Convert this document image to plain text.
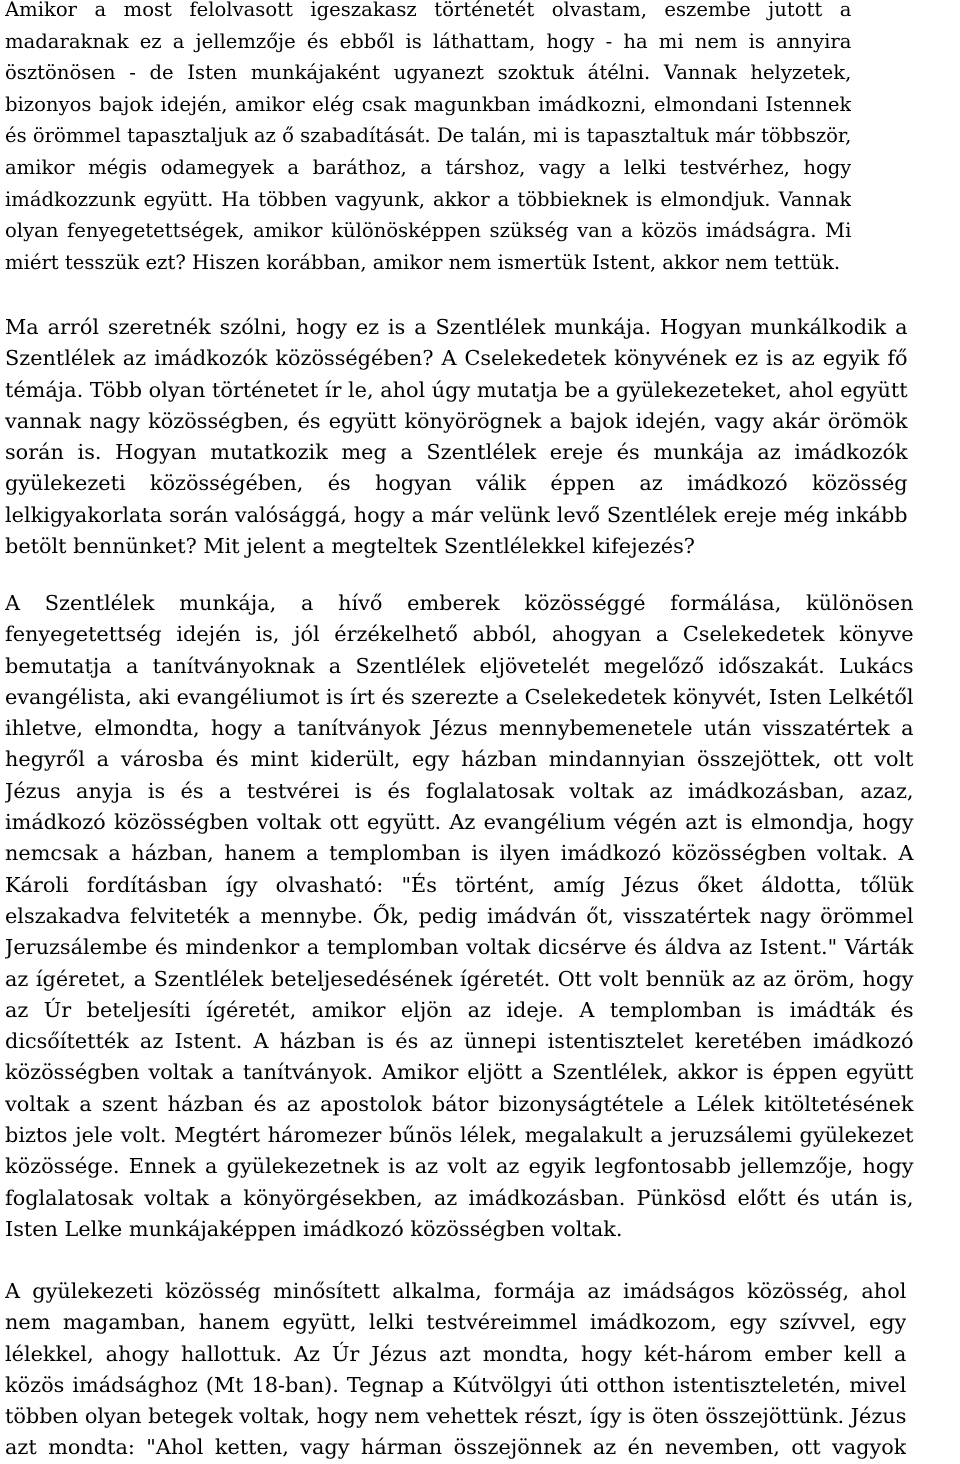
Amikor a most felolvasott igeszakasz történetét olvastam, eszembe jutott a
madaraknak ez a jellemzője és ebből is láthattam, hogy - ha mi nem is annyira
ösztönösen - de Isten munkájaként ugyanezt szoktuk átélni. Vannak helyzetek,
bizonyos bajok idején, amikor elég csak magunkban imádkozni, elmondani Istennek
és örömmel tapasztaljuk az ő szabadítását. De talán, mi is tapasztaltuk már többször,
amikor mégis odamegyek a baráthoz, a társhoz, vagy a lelki testvérhez, hogy
imádkozzunk együtt. Ha többen vagyunk, akkor a többieknek is elmondjuk. Vannak
olyan fenyegetettségek, amikor különösképpen szükség van a közös imádságra. Mi
miért tesszük ezt? Hiszen korábban, amikor nem ismertük Istent, akkor nem tettük.
Ma arról szeretnék szólni, hogy ez is a Szentlélek munkája. Hogyan munkálkodik a
Szentlélek az imádkozók közösségében? A Cselekedetek könyvének ez is az egyik fő
témája. Több olyan történetet ír le, ahol úgy mutatja be a gyülekezeteket, ahol együtt
vannak nagy közösségben, és együtt könyörögnek a bajok idején, vagy akár örömök
során is. Hogyan mutatkozik meg a Szentlélek ereje és munkája az imádkozók
gyülekezeti közösségében, és hogyan válik éppen az imádkozó közösség
lelkigyakorlata során valósággá, hogy a már velünk levő Szentlélek ereje még inkább
betölt bennünket? Mit jelent a megteltek Szentlélekkel kifejezés?
A Szentlélek munkája, a hívő emberek közösséggé formálása, különösen
fenyegetettség idején is, jól érzékelhető abból, ahogyan a Cselekedetek könyve
bemutatja a tanítványoknak a Szentlélek eljövetelét megelőző időszakát. Lukács
evangélista, aki evangéliumot is írt és szerezte a Cselekedetek könyvét, Isten Lelkétől
ihletve, elmondta, hogy a tanítványok Jézus mennybemenetele után visszatértek a
hegyről a városba és mint kiderült, egy házban mindannyian összejöttek, ott volt
Jézus anyja is és a testvérei is és foglalatosak voltak az imádkozásban, azaz,
imádkozó közösségben voltak ott együtt. Az evangélium végén azt is elmondja, hogy
nemcsak a házban, hanem a templomban is ilyen imádkozó közösségben voltak. A
Károli fordításban így olvasható: "És történt, amíg Jézus őket áldotta, tőlük
elszakadva felviteték a mennybe. Ők, pedig imádván őt, visszatértek nagy örömmel
Jeruzsálembe és mindenkor a templomban voltak dicsérve és áldva az Istent." Várták
az ígéretet, a Szentlélek beteljesedésének ígéretét. Ott volt bennük az az öröm, hogy
az Úr beteljesíti ígéretét, amikor eljön az ideje. A templomban is imádták és
dicsőítették az Istent. A házban is és az ünnepi istentisztelet keretében imádkozó
közösségben voltak a tanítványok. Amikor eljött a Szentlélek, akkor is éppen együtt
voltak a szent házban és az apostolok bátor bizonyságtétele a Lélek kitöltetésének
biztos jele volt. Megtért háromezer bűnös lélek, megalakult a jeruzsálemi gyülekezet
közössége. Ennek a gyülekezetnek is az volt az egyik legfontosabb jellemzője, hogy
foglalatosak voltak a könyörgésekben, az imádkozásban. Pünkösd előtt és után is,
Isten Lelke munkájaképpen imádkozó közösségben voltak.
A gyülekezeti közösség minősített alkalma, formája az imádságos közösség, ahol
nem magamban, hanem együtt, lelki testvéreimmel imádkozom, egy szívvel, egy
lélekkel, ahogy hallottuk. Az Úr Jézus azt mondta, hogy két-három ember kell a
közös imádsághoz (Mt 18-ban). Tegnap a Kútvölgyi úti otthon istentiszteletén, mivel
többen olyan betegek voltak, hogy nem vehettek részt, így is öten összejöttünk. Jézus
azt mondta: "Ahol ketten, vagy hárman összejönnek az én nevemben, ott vagyok
